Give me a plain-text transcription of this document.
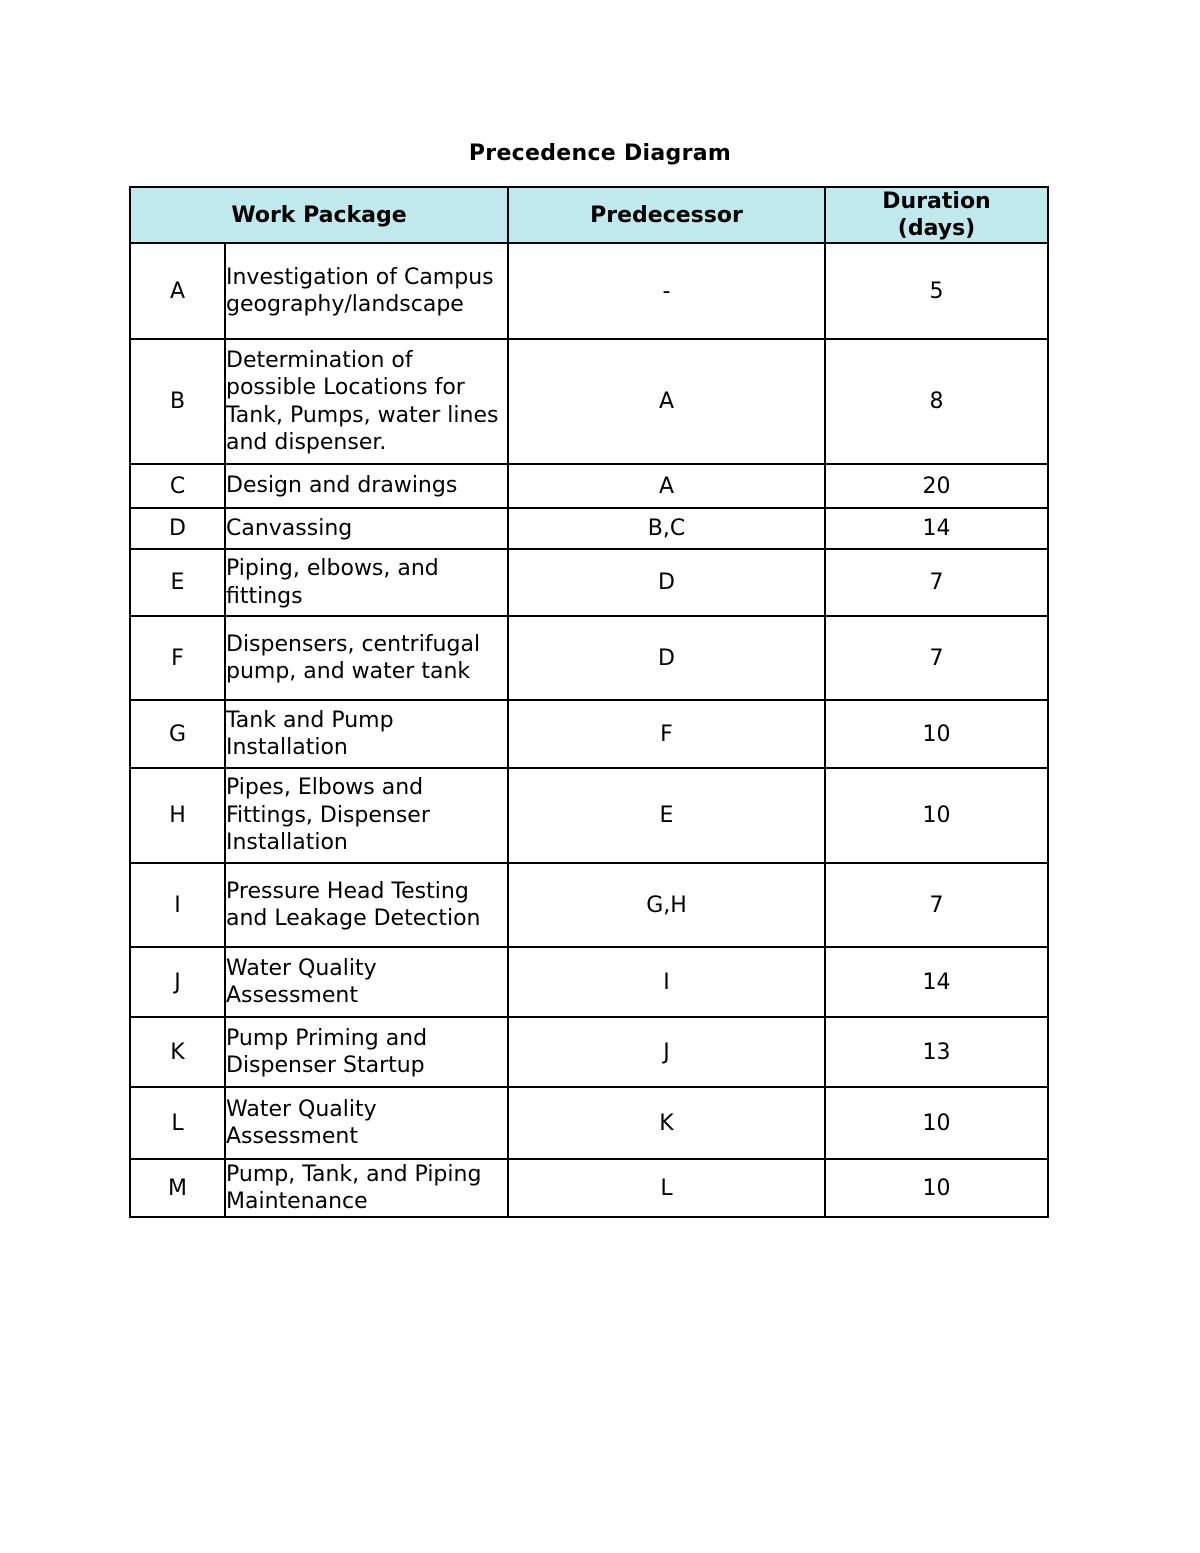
Precedence Diagram
Work Package		Predecessor	Duration
(days)
A	Investigation of Campus geography/landscape	-	5
B	Determination of possible Locations for Tank, Pumps, water lines and dispenser.	A	8
C	Design and drawings	A	20
D	Canvassing	B,C	14
E	Piping, elbows, and fittings	D	7
F	Dispensers, centrifugal pump, and water tank	D	7
G	Tank and Pump Installation	F	10
H	Pipes, Elbows and Fittings, Dispenser Installation	E	10
I	Pressure Head Testing and Leakage Detection	G,H	7
J	Water Quality Assessment	I	14
K	Pump Priming and Dispenser Startup	J	13
L	Water Quality Assessment	K	10
M	Pump, Tank, and Piping Maintenance	L	10
